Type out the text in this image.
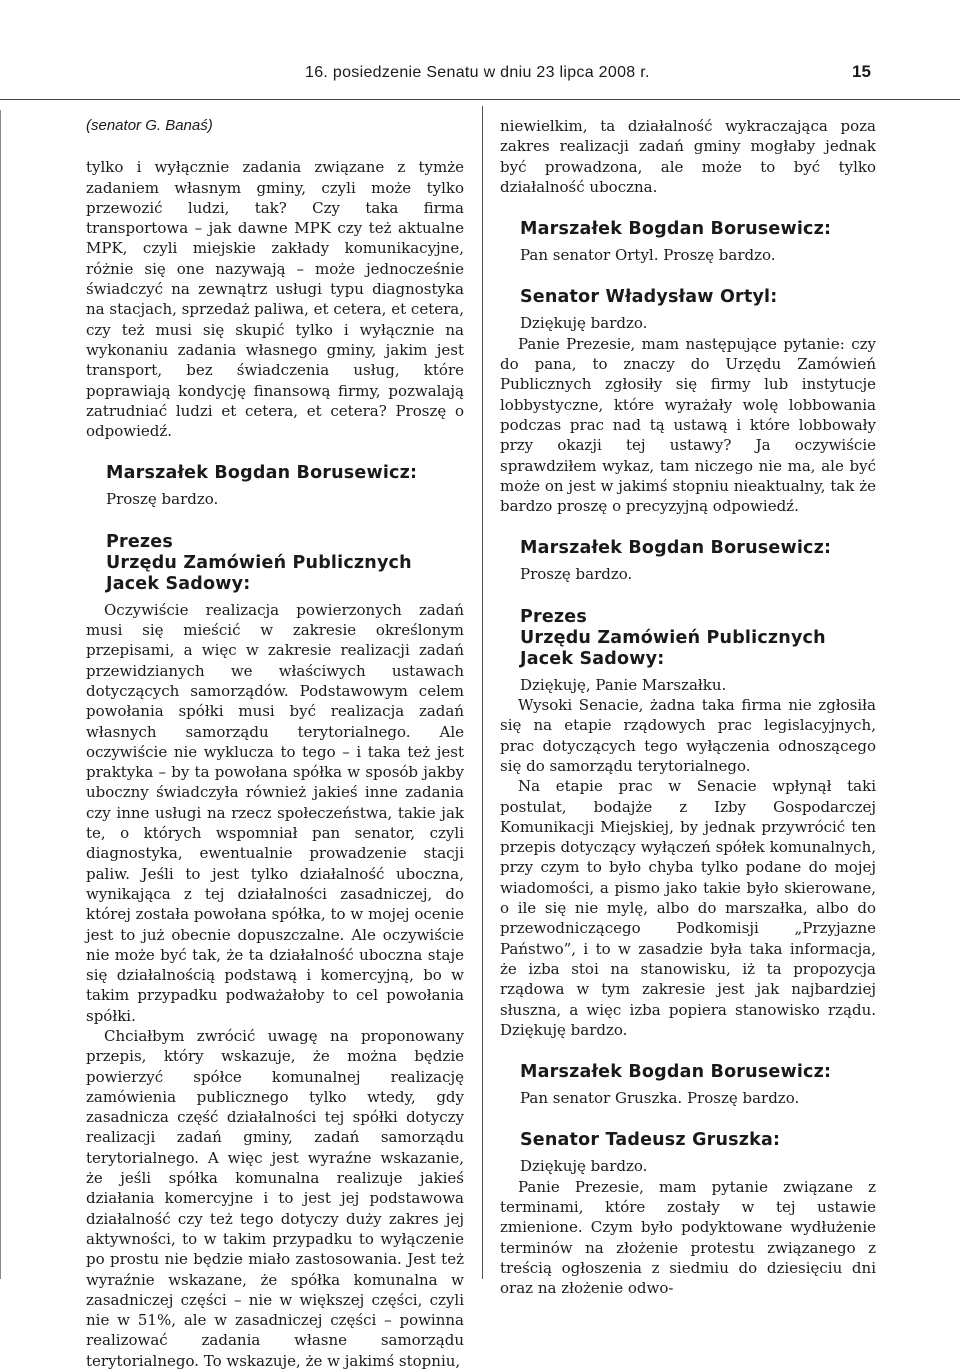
16. posiedzenie Senatu w dniu 23 lipca 2008 r.	15

(senator G. Banaś)

tylko i wyłącznie zadania związane z tymże zadaniem własnym gminy, czyli może tylko przewozić ludzi, tak? Czy taka firma transportowa – jak dawne MPK czy też aktualne MPK, czyli miejskie zakłady komunikacyjne, różnie się one nazywają – może jednocześnie świadczyć na zewnątrz usługi typu diagnostyka na stacjach, sprzedaż paliwa, et cetera, et cetera, czy też musi się skupić tylko i wyłącznie na wykonaniu zadania własnego gminy, jakim jest transport, bez świadczenia usług, które poprawiają kondycję finansową firmy, pozwalają zatrudniać ludzi et cetera, et cetera? Proszę o odpowiedź.

Marszałek Bogdan Borusewicz:

Proszę bardzo.

Prezes
Urzędu Zamówień Publicznych
Jacek Sadowy:

Oczywiście realizacja powierzonych zadań musi się mieścić w zakresie określonym przepisami, a więc w zakresie realizacji zadań przewidzianych we właściwych ustawach dotyczących samorządów. Podstawowym celem powołania spółki musi być realizacja zadań własnych samorządu terytorialnego. Ale oczywiście nie wyklucza to tego – i taka też jest praktyka – by ta powołana spółka w sposób jakby uboczny świadczyła również jakieś inne zadania czy inne usługi na rzecz społeczeństwa, takie jak te, o których wspomniał pan senator, czyli diagnostyka, ewentualnie prowadzenie stacji paliw. Jeśli to jest tylko działalność uboczna, wynikająca z tej działalności zasadniczej, do której została powołana spółka, to w mojej ocenie jest to już obecnie dopuszczalne. Ale oczywiście nie może być tak, że ta działalność uboczna staje się działalnością podstawą i komercyjną, bo w takim przypadku podważałoby to cel powołania spółki.

Chciałbym zwrócić uwagę na proponowany przepis, który wskazuje, że można będzie powierzyć spółce komunalnej realizację zamówienia publicznego tylko wtedy, gdy zasadnicza część działalności tej spółki dotyczy realizacji zadań gminy, zadań samorządu terytorialnego. A więc jest wyraźne wskazanie, że jeśli spółka komunalna realizuje jakieś działania komercyjne i to jest jej podstawowa działalność czy też tego dotyczy duży zakres jej aktywności, to w takim przypadku to wyłączenie po prostu nie będzie miało zastosowania. Jest też wyraźnie wskazane, że spółka komunalna w zasadniczej części – nie w większej części, czyli nie w 51%, ale w zasadniczej części – powinna realizować zadania własne samorządu terytorialnego. To wskazuje, że w jakimś stopniu,

niewielkim, ta działalność wykraczająca poza zakres realizacji zadań gminy mogłaby jednak być prowadzona, ale może to być tylko działalność uboczna.

Marszałek Bogdan Borusewicz:

Pan senator Ortyl. Proszę bardzo.

Senator Władysław Ortyl:

Dziękuję bardzo.

Panie Prezesie, mam następujące pytanie: czy do pana, to znaczy do Urzędu Zamówień Publicznych zgłosiły się firmy lub instytucje lobbystyczne, które wyrażały wolę lobbowania podczas prac nad tą ustawą i które lobbowały przy okazji tej ustawy? Ja oczywiście sprawdziłem wykaz, tam niczego nie ma, ale być może on jest w jakimś stopniu nieaktualny, tak że bardzo proszę o precyzyjną odpowiedź.

Marszałek Bogdan Borusewicz:

Proszę bardzo.

Prezes
Urzędu Zamówień Publicznych
Jacek Sadowy:

Dziękuję, Panie Marszałku.

Wysoki Senacie, żadna taka firma nie zgłosiła się na etapie rządowych prac legislacyjnych, prac dotyczących tego wyłączenia odnoszącego się do samorządu terytorialnego.

Na etapie prac w Senacie wpłynął taki postulat, bodajże z Izby Gospodarczej Komunikacji Miejskiej, by jednak przywrócić ten przepis dotyczący wyłączeń spółek komunalnych, przy czym to było chyba tylko podane do mojej wiadomości, a pismo jako takie było skierowane, o ile się nie mylę, albo do marszałka, albo do przewodniczącego Podkomisji „Przyjazne Państwo”, i to w zasadzie była taka informacja, że izba stoi na stanowisku, iż ta propozycja rządowa w tym zakresie jest jak najbardziej słuszna, a więc izba popiera stanowisko rządu. Dziękuję bardzo.

Marszałek Bogdan Borusewicz:

Pan senator Gruszka. Proszę bardzo.

Senator Tadeusz Gruszka:

Dziękuję bardzo.

Panie Prezesie, mam pytanie związane z terminami, które zostały w tej ustawie zmienione. Czym było podyktowane wydłużenie terminów na złożenie protestu związanego z treścią ogłoszenia z siedmiu do dziesięciu dni oraz na złożenie odwo-
